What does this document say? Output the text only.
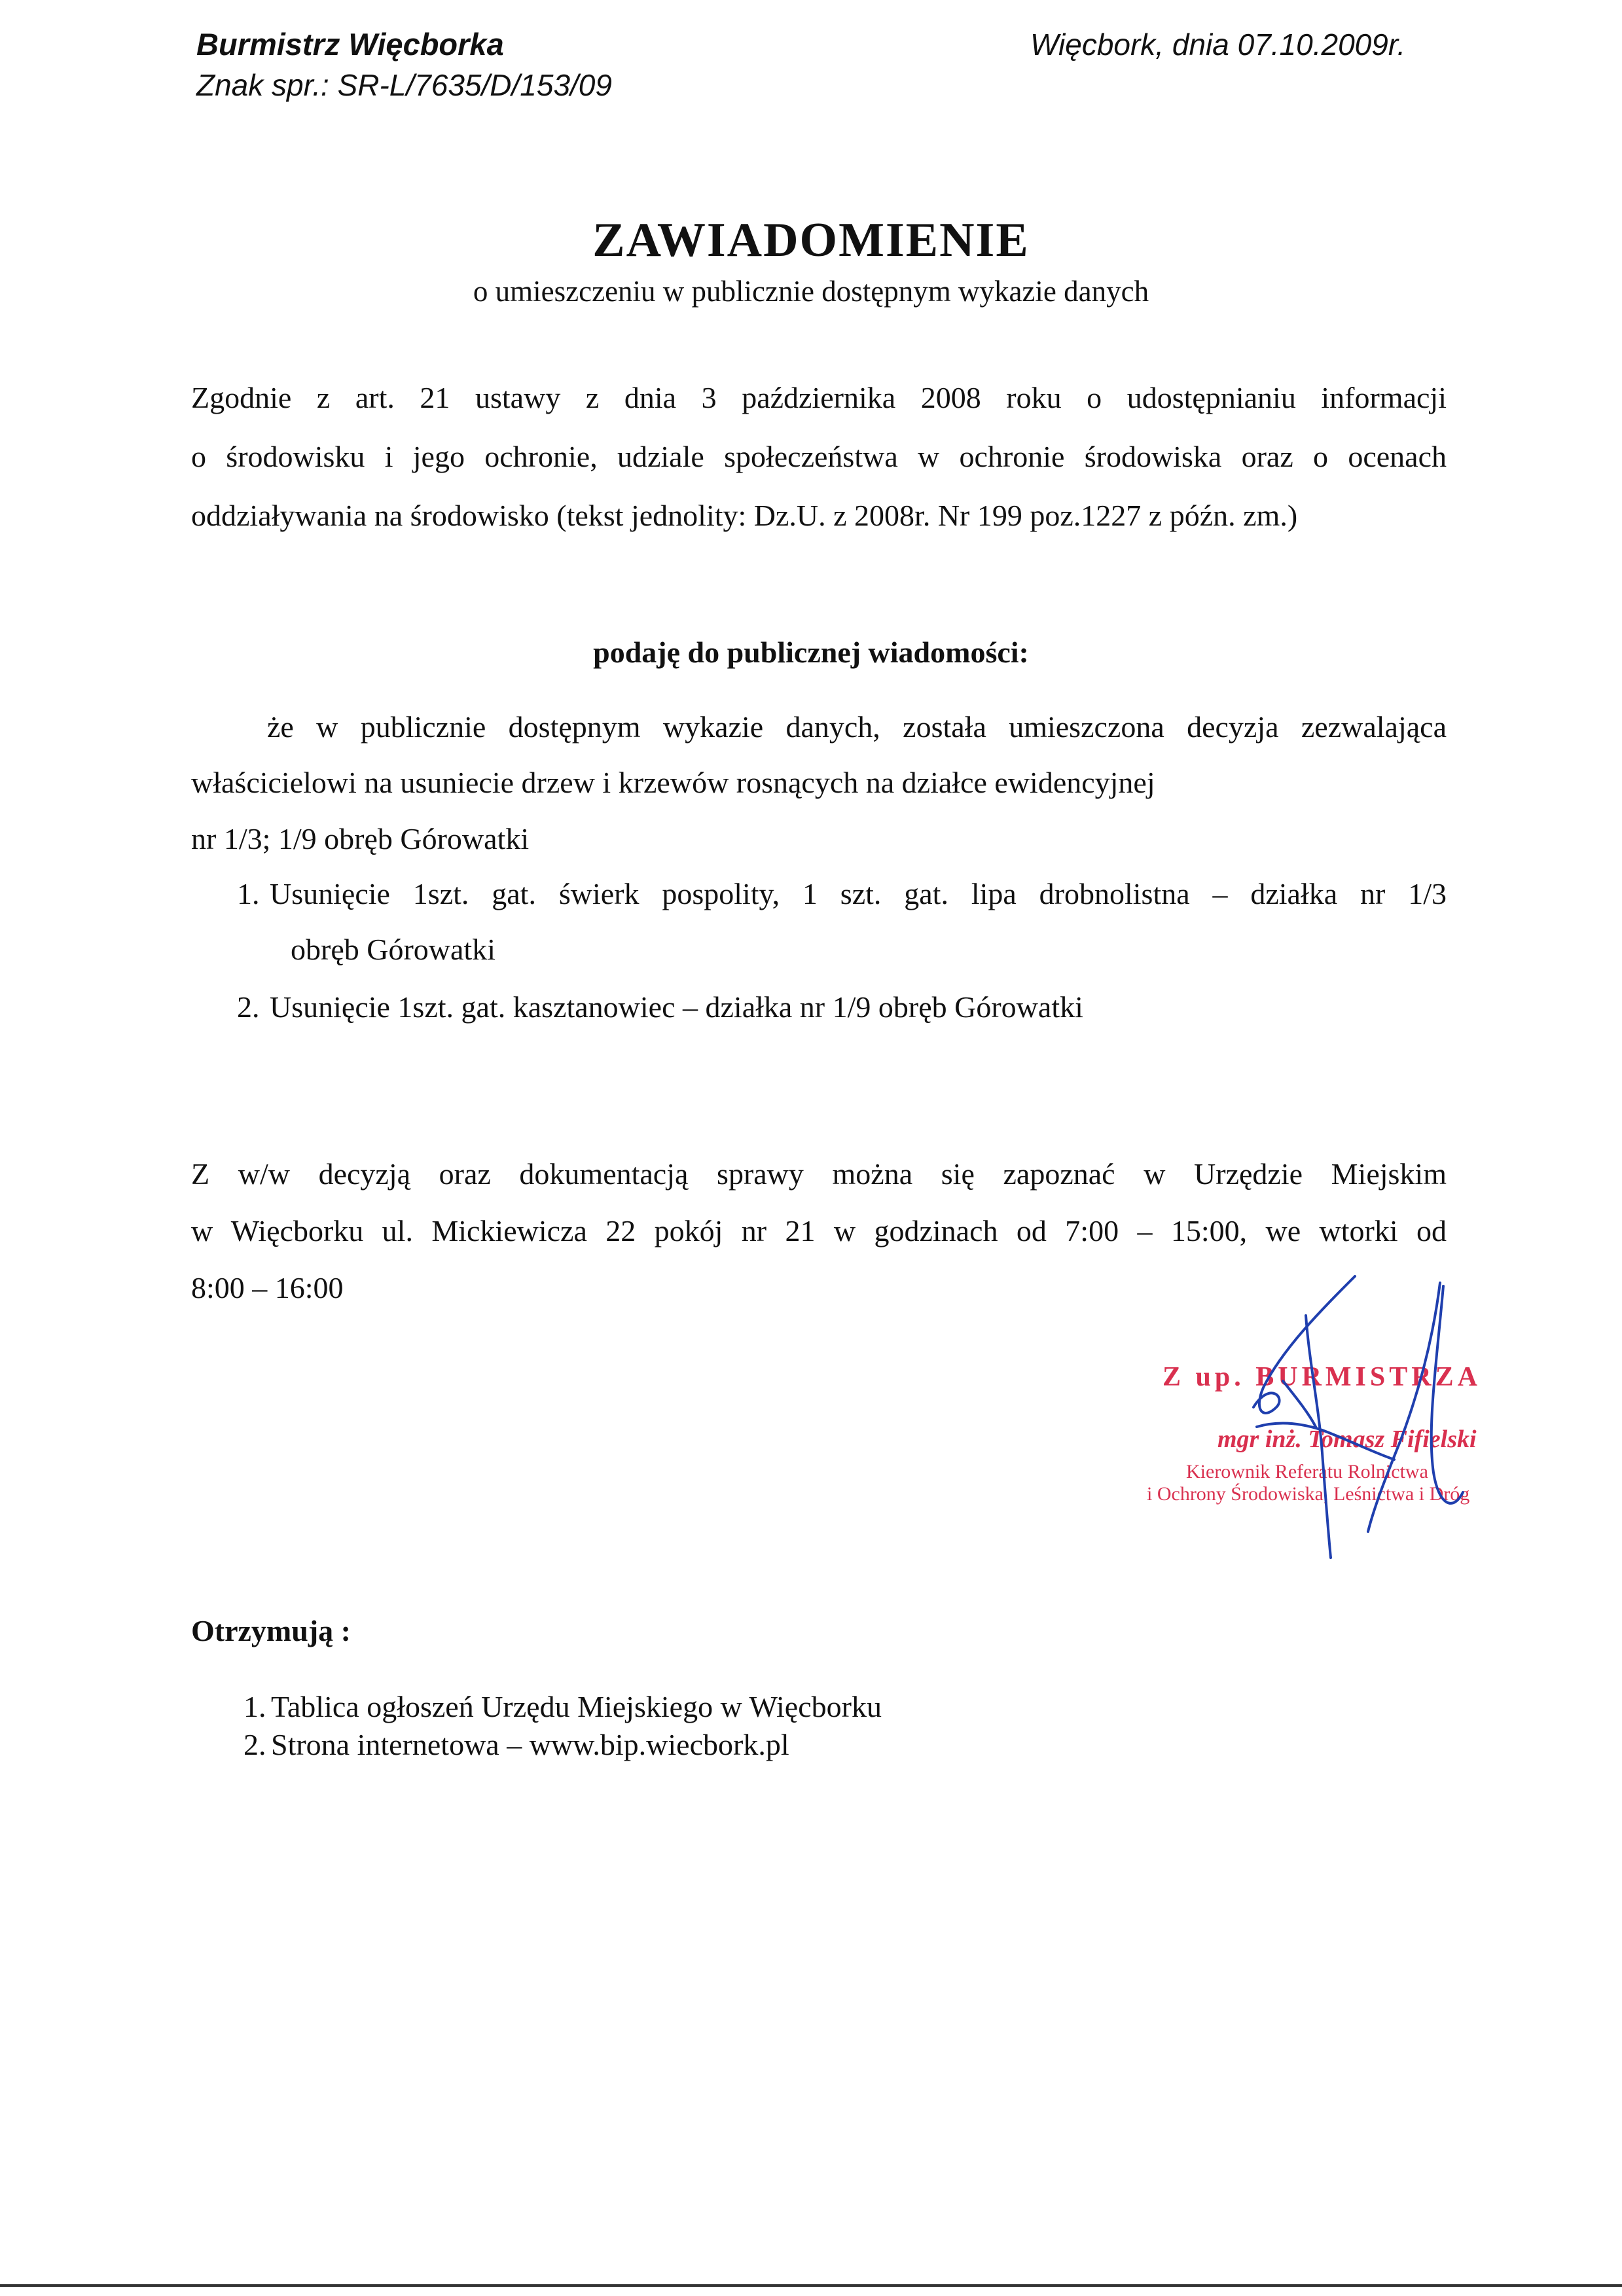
Burmistrz Więcborka
Znak spr.: SR-L/7635/D/153/09
Więcbork, dnia 07.10.2009r.
ZAWIADOMIENIE
o umieszczeniu w publicznie dostępnym wykazie danych
Zgodnie z art. 21 ustawy z dnia 3 października 2008 roku o udostępnianiu informacji
o środowisku i jego ochronie, udziale społeczeństwa w ochronie środowiska oraz o ocenach
oddziaływania na środowisko (tekst jednolity: Dz.U. z 2008r. Nr 199 poz.1227 z późn. zm.)
podaję do publicznej wiadomości:
że w publicznie dostępnym wykazie danych, została umieszczona decyzja zezwalająca
właścicielowi na usuniecie drzew i krzewów rosnących na działce ewidencyjnej
nr 1/3; 1/9 obręb Górowatki
1. Usunięcie 1szt. gat. świerk pospolity, 1 szt. gat. lipa drobnolistna – działka nr 1/3
obręb Górowatki
2. Usunięcie 1szt. gat. kasztanowiec – działka nr 1/9 obręb Górowatki
Z w/w decyzją oraz dokumentacją sprawy można się zapoznać w Urzędzie Miejskim
w Więcborku ul. Mickiewicza 22 pokój nr 21 w godzinach od 7:00 – 15:00, we wtorki od
8:00 – 16:00
Z up. BURMISTRZA
mgr inż. Tomasz Fifielski
Kierownik Referatu Rolnictwa
i Ochrony Środowiska, Leśnictwa i Dróg
Otrzymują :
1. Tablica ogłoszeń Urzędu Miejskiego w Więcborku
2. Strona internetowa – www.bip.wiecbork.pl
